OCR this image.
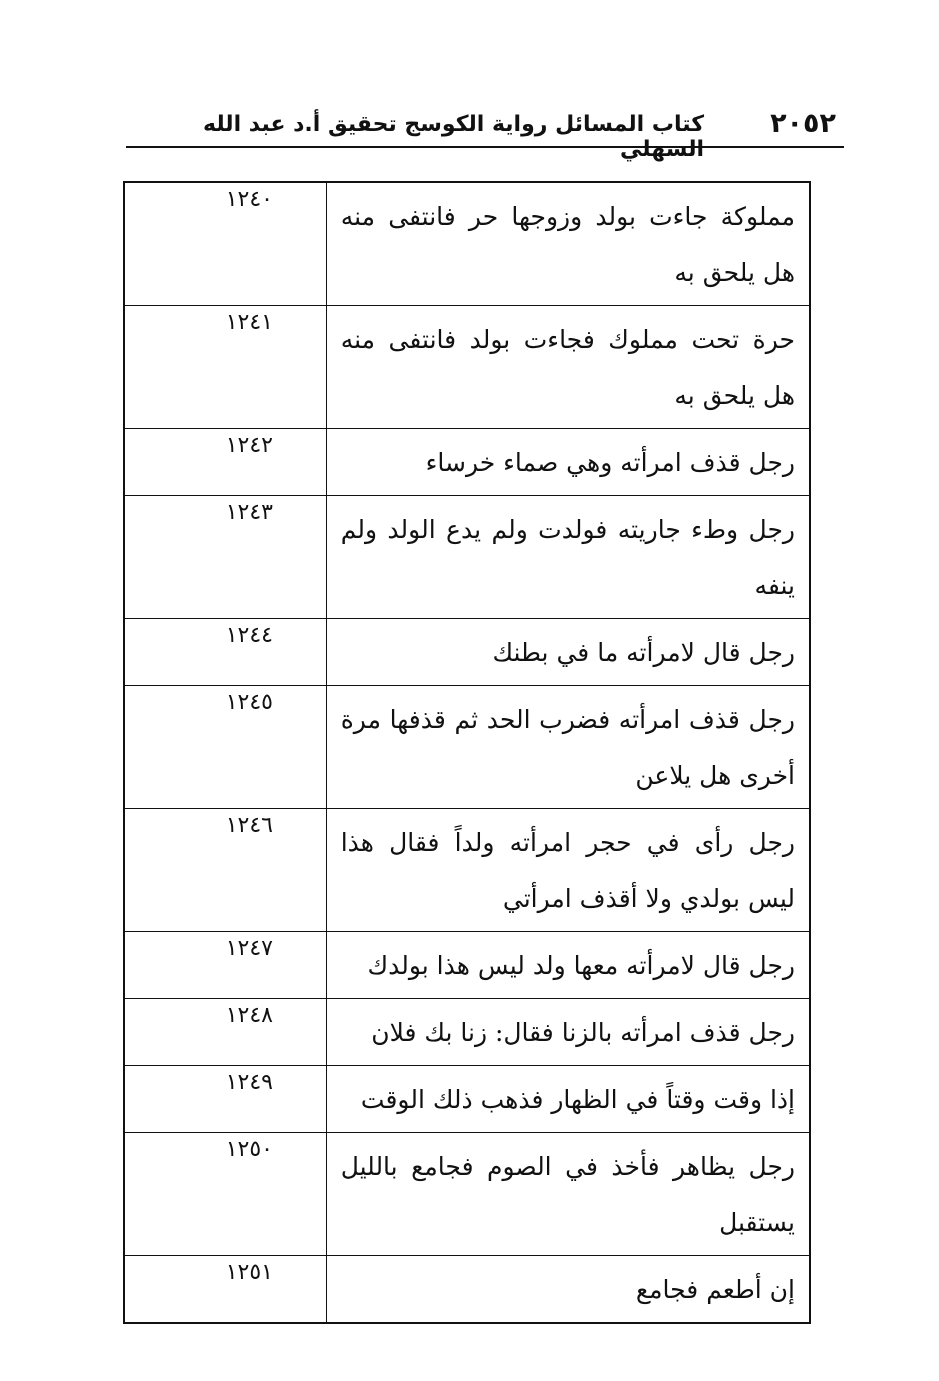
٢٠٥٢
كتاب المسائل رواية الكوسج تحقيق أ.د عبد الله السهلي
مملوكة جاءت بولد وزوجها حر فانتفى منه هل يلحق به	١٢٤٠
حرة تحت مملوك فجاءت بولد فانتفى منه هل يلحق به	١٢٤١
رجل قذف امرأته وهي صماء خرساء	١٢٤٢
رجل وطء جاريته فولدت ولم يدع الولد ولم ينفه	١٢٤٣
رجل قال لامرأته ما في بطنك	١٢٤٤
رجل قذف امرأته فضرب الحد ثم قذفها مرة أخرى هل يلاعن	١٢٤٥
رجل رأى في حجر امرأته ولداً فقال هذا ليس بولدي ولا أقذف امرأتي	١٢٤٦
رجل قال لامرأته معها ولد ليس هذا بولدك	١٢٤٧
رجل قذف امرأته بالزنا فقال: زنا بك فلان	١٢٤٨
إذا وقت وقتاً في الظهار فذهب ذلك الوقت	١٢٤٩
رجل يظاهر فأخذ في الصوم فجامع بالليل يستقبل	١٢٥٠
إن أطعم فجامع	١٢٥١
